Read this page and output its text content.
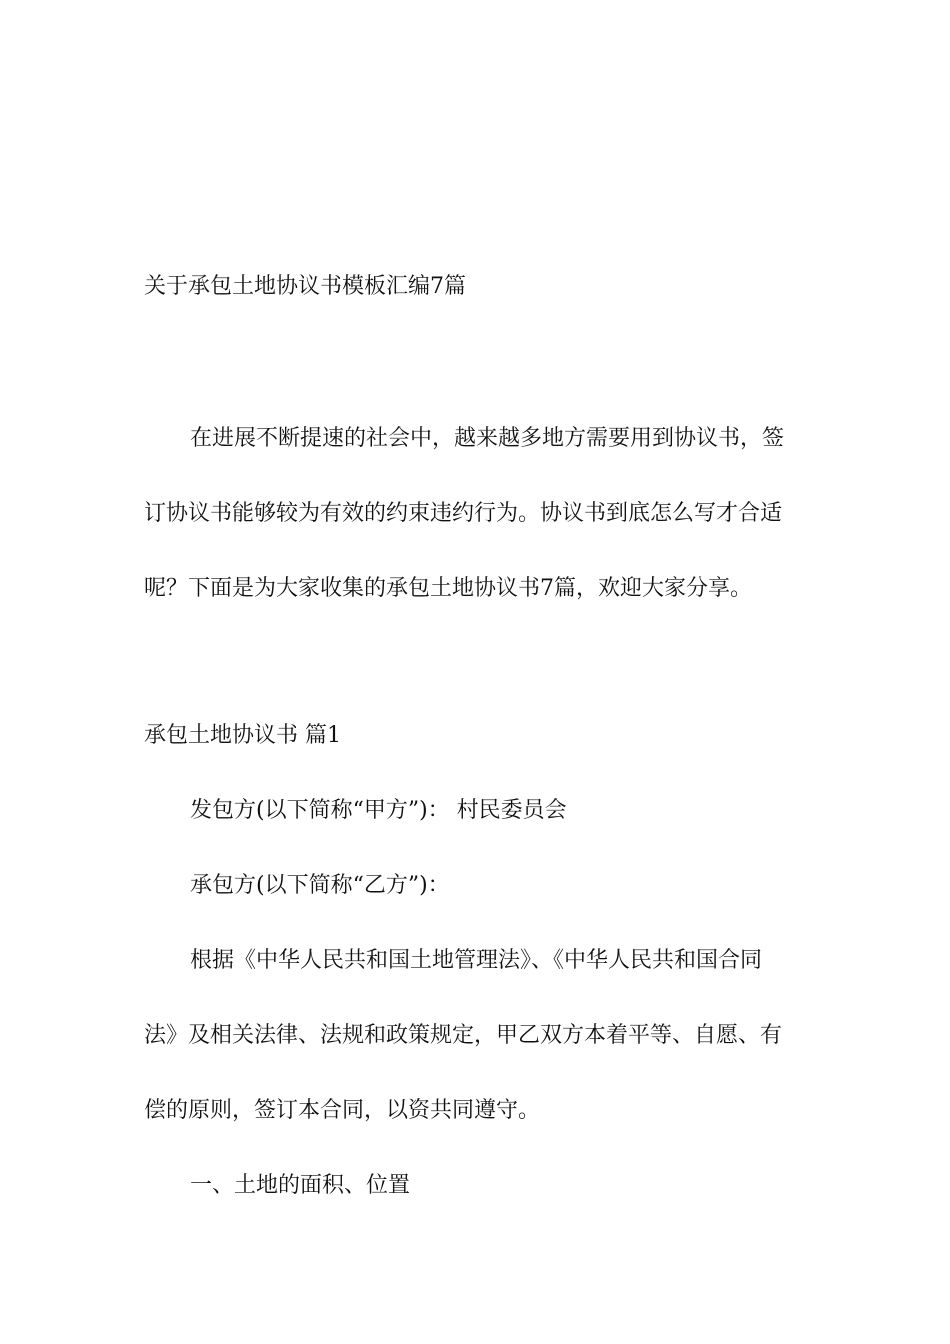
关于承包土地协议书模板汇编7篇
在进展不断提速的社会中，越来越多地方需要用到协议书，签
订协议书能够较为有效的约束违约行为。协议书到底怎么写才合适
呢？下面是为大家收集的承包土地协议书7篇，欢迎大家分享。
承包土地协议书 篇1
发包方(以下简称“甲方”)： 村民委员会
承包方(以下简称“乙方”)：
根据《中华人民共和国土地管理法》、《中华人民共和国合同
法》及相关法律、法规和政策规定，甲乙双方本着平等、自愿、有
偿的原则，签订本合同，以资共同遵守。
一、土地的面积、位置
